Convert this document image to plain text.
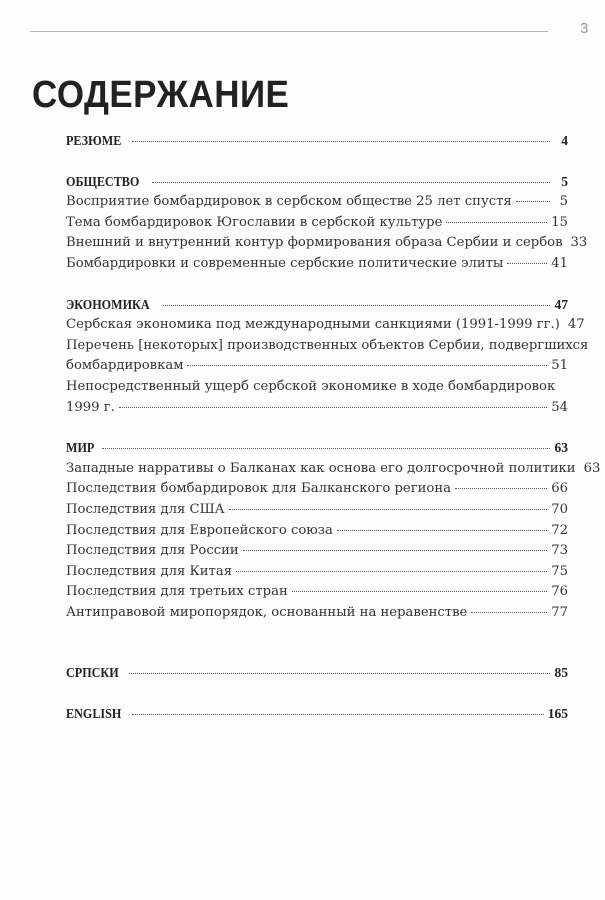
3
СОДЕРЖАНИЕ
РЕЗЮМЕ	4
ОБЩЕСТВО	5
Восприятие бомбардировок в сербском обществе 25 лет спустя	5
Тема бомбардировок Югославии в сербской культуре	15
Внешний и внутренний контур формирования образа Сербии и сербов 33
Бомбардировки и современные сербские политические элиты	41
ЭКОНОМИКА	47
Сербская экономика под международными санкциями (1991-1999 гг.) 47
Перечень [некоторых] производственных объектов Сербии, подвергшихся
бомбардировкам	51
Непосредственный ущерб сербской экономике в ходе бомбардировок
1999 г.	54
МИР	63
Западные нарративы о Балканах как основа его долгосрочной политики 63
Последствия бомбардировок для Балканского региона	66
Последствия для США	70
Последствия для Европейского союза	72
Последствия для России	73
Последствия для Китая	75
Последствия для третьих стран	76
Антиправовой миропорядок, основанный на неравенстве	77
СРПСКИ	85
ENGLISH	165
